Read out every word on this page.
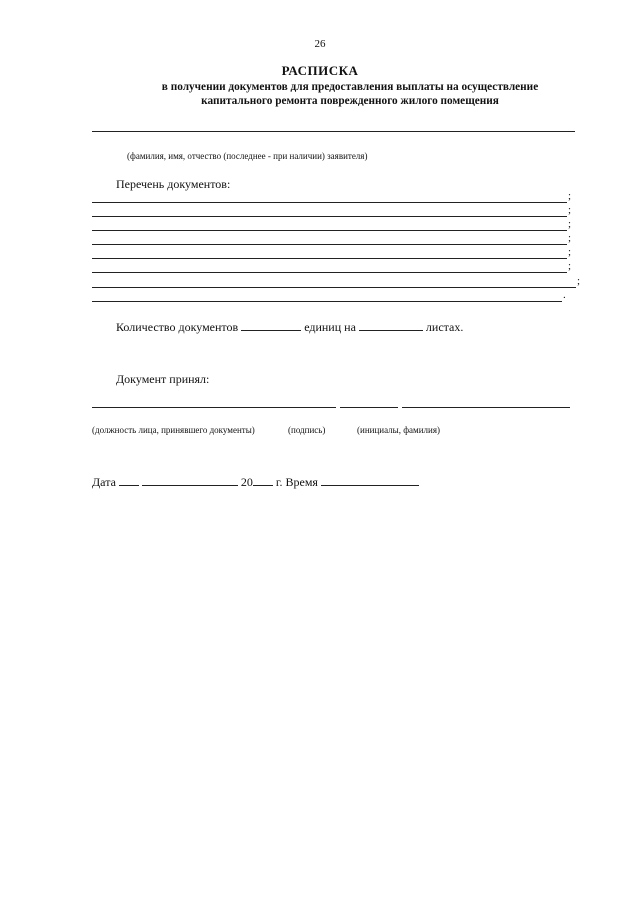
26
РАСПИСКА
в получении документов для предоставления выплаты на осуществление
капитального ремонта поврежденного жилого помещения
(фамилия, имя, отчество (последнее - при наличии) заявителя)
Перечень документов:
;
;
;
;
;
;
;
.
Количество документов	единиц на	листах.
Документ принял:
(должность лица, принявшего документы)	(подпись)	(инициалы, фамилия)
Дата	20 г. Время
